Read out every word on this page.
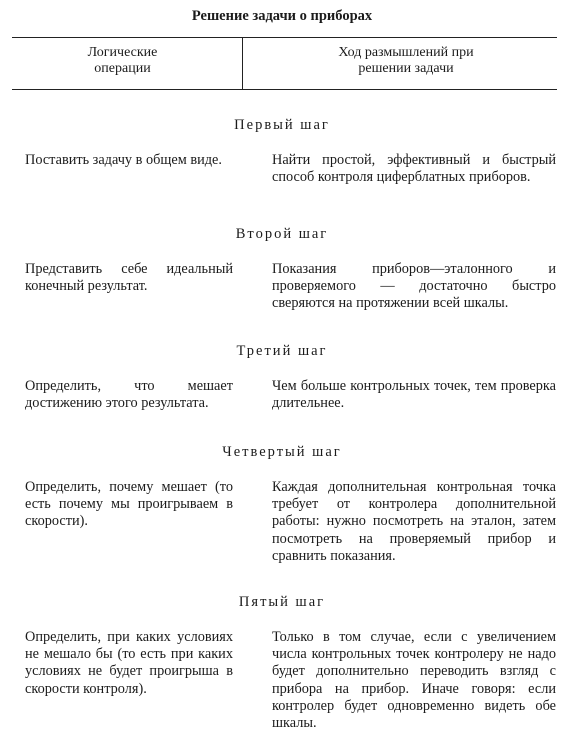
Решение задачи о приборах
Логические
операции
Ход размышлений при
решении задачи
Первый шаг
Поставить задачу в общем виде.	Найти простой, эффективный и быстрый способ контроля циферблатных приборов.
Второй шаг
Представить себе идеальный конечный результат.
Показания приборов—эталонного и проверяемого — достаточно быстро сверяются на протяжении всей шкалы.
Третий шаг
Определить, что мешает достижению этого результата.
Чем больше контрольных точек, тем проверка длительнее.
Четвертый шаг
Определить, почему мешает (то есть почему мы проигрываем в скорости).
Каждая дополнительная контрольная точка требует от контролера дополнительной работы: нужно посмотреть на эталон, затем посмотреть на проверяемый прибор и сравнить показания.
Пятый шаг
Определить, при каких условиях не мешало бы (то есть при каких условиях не будет проигрыша в скорости контроля).
Только в том случае, если с увеличением числа контрольных точек контролеру не надо будет дополнительно переводить взгляд с прибора на прибор. Иначе говоря: если контролер будет одновременно видеть обе шкалы.
